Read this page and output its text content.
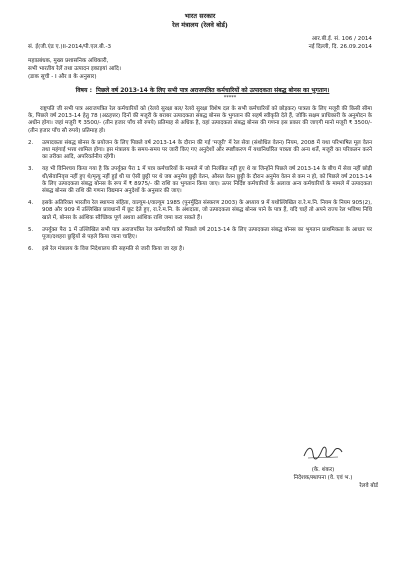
भारत सरकार
रेल मंत्रालय (रेलवे बोर्ड)
सं. ई(जी.एंड ए.)II-2014/पी.एल.बी.-3
आर.बी.ई. सं. 106 / 2014
नई दिल्ली, दि. 26.09.2014
महाप्रबंधक, मुख्य प्रशासनिक अधिकारी,
सभी भारतीय रेलें तथा उत्पादन इकाइयां आदि।
(डाक सूची - I और II के अनुसार)
विषय : पिछले वर्ष 2013-14 के लिए सभी पात्र अराजपत्रित कर्मचारियों को उत्पादकता संबद्ध बोनस का भुगतान।
*****
राष्ट्रपति जी सभी पात्र अराजपत्रित रेल कर्मचारियों को (रेलवे सुरक्षा बल/ रेलवे सुरक्षा विशेष दल के सभी कर्मचारियों को छोड़कर) पात्रता के लिए मजूरी की किसी सीमा के, पिछले वर्ष 2013-14 हेतु 78 (अठहत्तर) दिनों की मजूरी के बराबर उत्पादकता संबद्ध बोनस के भुगतान की सहर्ष स्वीकृति देते हैं, जोकि सक्षम प्राधिकारी के अनुमोदन के अधीन होगा। जहां मजूरी ₹ 3500/- (तीन हजार पाँच सौ रुपये) प्रतिमाह से अधिक है, वहां उत्पादकता संबद्ध बोनस की गणना इस प्रकार की जाएगी मानो मजूरी ₹ 3500/- (तीन हजार पाँच सौ रुपये) प्रतिमाह हो।
2.	उत्पादकता संबद्ध बोनस के प्रयोजन के लिए पिछले वर्ष 2013-14 के दौरान की गई 'मजूरी' में रेल सेवा (संशोधित वेतन) नियम, 2008 में यथा परिभाषित मूल वेतन तथा महंगाई भत्ता शामिल होगा। इस मंत्रालय के समय-समय पर जारी किए गए अनुदेशों और स्पष्टीकरण में यथानिर्धारित पात्रता की अन्य शर्तें, मजूरी का परिकलन करने का तरीका आदि, अपरिवर्तनीय रहेंगी।
3.	यह भी विनिश्चय किया गया है कि उपर्युक्त पैरा 1 में पात्र कर्मचारियों के मामले में जो निलंबित नहीं हुए थे या जिन्होंने पिछले वर्ष 2013-14 के बीच में सेवा नहीं छोड़ी थी/सेवानिवृत्त नहीं हुए थे/मृत्यु नहीं हुई थी या ऐसी छुट्टी पर थे जब अनुमेय छुट्टी वेतन, औसत वेतन छुट्टी के दौरान अनुमेय वेतन से कम न हो, को पिछले वर्ष 2013-14 के लिए उत्पादकता संबद्ध बोनस के रूप में ₹ 8975/- की राशि का भुगतान किया जाए। ऊपर निर्दिष्ट कर्मचारियों के अलावा अन्य कर्मचारियों के मामले में उत्पादकता संबद्ध बोनस की राशि की गणना विद्यमान अनुदेशों के अनुसार की जाए।
4.	इसके अतिरिक्त भारतीय रेल स्थापना संहिता, वाल्यूम-I/वाल्यूम 1985 (पुनर्मुद्रित संस्करण 2003) के अध्याय 9 में यथोल्लिखित रा.रे.म.नि. नियम के नियम 905(2), 908 और 909 में उल्लिखित प्रावधानों में छूट देते हुए, रा.रे.म.नि. के अंशदाता, जो उत्पादकता संबद्ध बोनस पाने के पात्र हैं, यदि चाहें तो अपने राज्य रेल भविष्य निधि खाते में, बोनस के आंशिक स्वैच्छिक पूर्ण अथवा आंशिक राशि जमा करा सकते हैं।
5.	उपर्युक्त पैरा 1 में उल्लिखित सभी पात्र अराजपत्रित रेल कर्मचारियों को पिछले वर्ष 2013-14 के लिए उत्पादकता संबद्ध बोनस का भुगतान प्राथमिकता के आधार पर पूजा/दशहरा छुट्टियों से पहले किया जाना चाहिए।
6.	इसे रेल मंत्रालय के वित्त निदेशालय की सहमति से जारी किया जा रहा है।
(के. शंकर)
निदेशक/स्थापना (वे. एवं भ.)
रेलवे बोर्ड
